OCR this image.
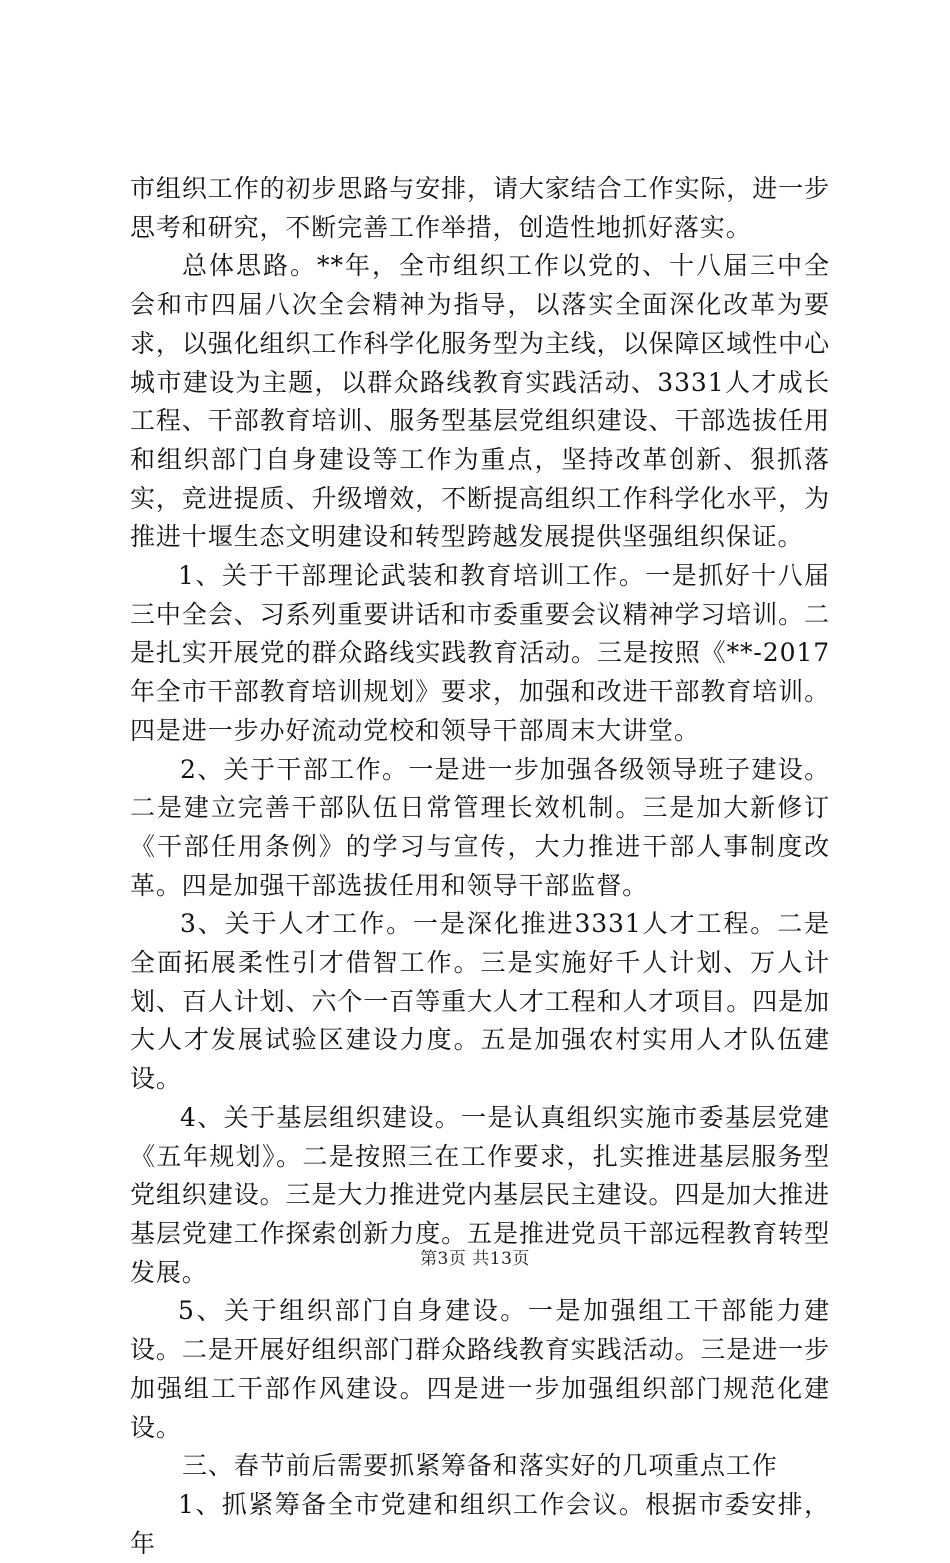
市组织工作的初步思路与安排，请大家结合工作实际，进一步思考和研究，不断完善工作举措，创造性地抓好落实。

总体思路。**年，全市组织工作以党的、十八届三中全会和市四届八次全会精神为指导，以落实全面深化改革为要求，以强化组织工作科学化服务型为主线，以保障区域性中心城市建设为主题，以群众路线教育实践活动、3331人才成长工程、干部教育培训、服务型基层党组织建设、干部选拔任用和组织部门自身建设等工作为重点，坚持改革创新、狠抓落实，竞进提质、升级增效，不断提高组织工作科学化水平，为推进十堰生态文明建设和转型跨越发展提供坚强组织保证。

1、关于干部理论武装和教育培训工作。一是抓好十八届三中全会、习系列重要讲话和市委重要会议精神学习培训。二是扎实开展党的群众路线实践教育活动。三是按照《**-2017年全市干部教育培训规划》要求，加强和改进干部教育培训。四是进一步办好流动党校和领导干部周末大讲堂。

2、关于干部工作。一是进一步加强各级领导班子建设。二是建立完善干部队伍日常管理长效机制。三是加大新修订《干部任用条例》的学习与宣传，大力推进干部人事制度改革。四是加强干部选拔任用和领导干部监督。

3、关于人才工作。一是深化推进3331人才工程。二是全面拓展柔性引才借智工作。三是实施好千人计划、万人计划、百人计划、六个一百等重大人才工程和人才项目。四是加大人才发展试验区建设力度。五是加强农村实用人才队伍建设。

4、关于基层组织建设。一是认真组织实施市委基层党建《五年规划》。二是按照三在工作要求，扎实推进基层服务型党组织建设。三是大力推进党内基层民主建设。四是加大推进基层党建工作探索创新力度。五是推进党员干部远程教育转型发展。

5、关于组织部门自身建设。一是加强组工干部能力建设。二是开展好组织部门群众路线教育实践活动。三是进一步加强组工干部作风建设。四是进一步加强组织部门规范化建设。

三、春节前后需要抓紧筹备和落实好的几项重点工作

1、抓紧筹备全市党建和组织工作会议。根据市委安排，年

第3页 共13页
